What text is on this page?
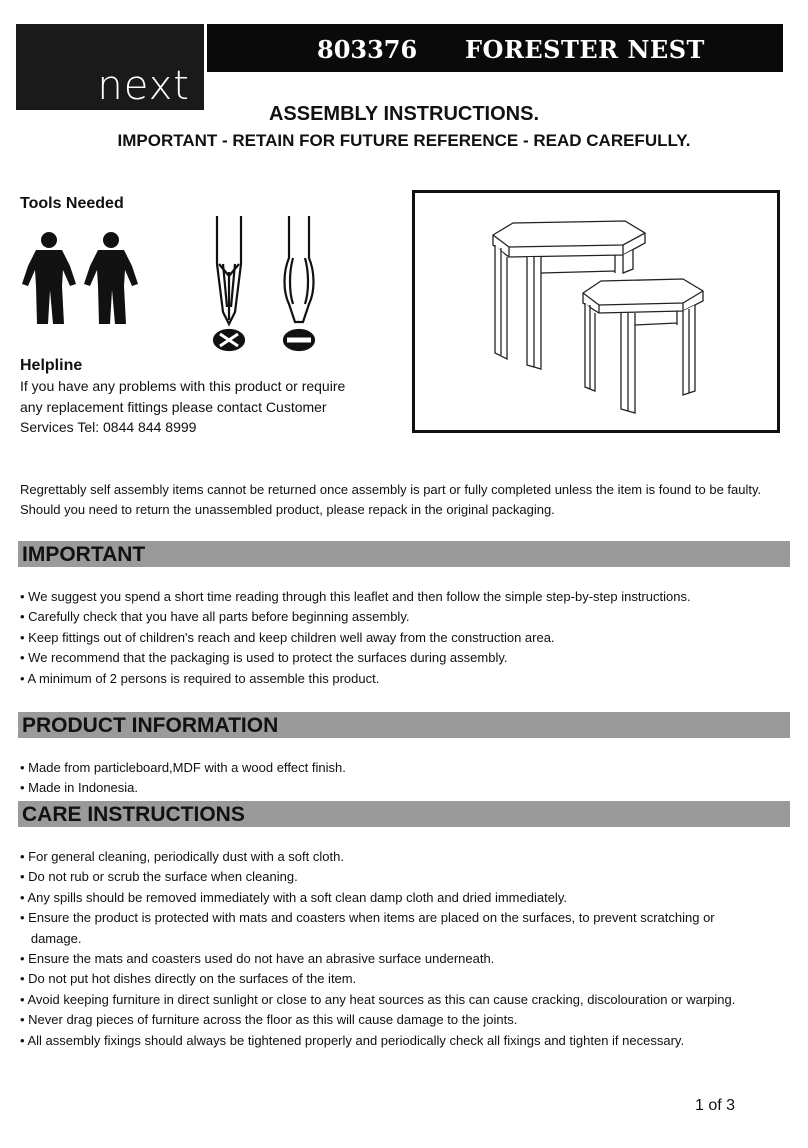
next
803376 FORESTER NEST
ASSEMBLY INSTRUCTIONS.
IMPORTANT - RETAIN FOR FUTURE REFERENCE - READ CAREFULLY.
Tools Needed
Helpline
If you have any problems with this product or require
any replacement fittings please contact Customer
Services Tel: 0844 844 8999
Regrettably self assembly items cannot be returned once assembly is part or fully completed unless the item is found to be faulty.
Should you need to return the unassembled product, please repack in the original packaging.
IMPORTANT
• We suggest you spend a short time reading through this leaflet and then follow the simple step-by-step instructions.
• Carefully check that you have all parts before beginning assembly.
• Keep fittings out of children's reach and keep children well away from the construction area.
• We recommend that the packaging is used to protect the surfaces during assembly.
• A minimum of 2 persons is required to assemble this product.
PRODUCT INFORMATION
• Made from particleboard,MDF with a wood effect finish.
• Made in Indonesia.
CARE INSTRUCTIONS
• For general cleaning, periodically dust with a soft cloth.
• Do not rub or scrub the surface when cleaning.
• Any spills should be removed immediately with a soft clean damp cloth and dried immediately.
• Ensure the product is protected with mats and coasters when items are placed on the surfaces, to prevent scratching or
damage.
• Ensure the mats and coasters used do not have an abrasive surface underneath.
• Do not put hot dishes directly on the surfaces of the item.
• Avoid keeping furniture in direct sunlight or close to any heat sources as this can cause cracking, discolouration or warping.
• Never drag pieces of furniture across the floor as this will cause damage to the joints.
• All assembly fixings should always be tightened properly and periodically check all fixings and tighten if necessary.
1 of 3
